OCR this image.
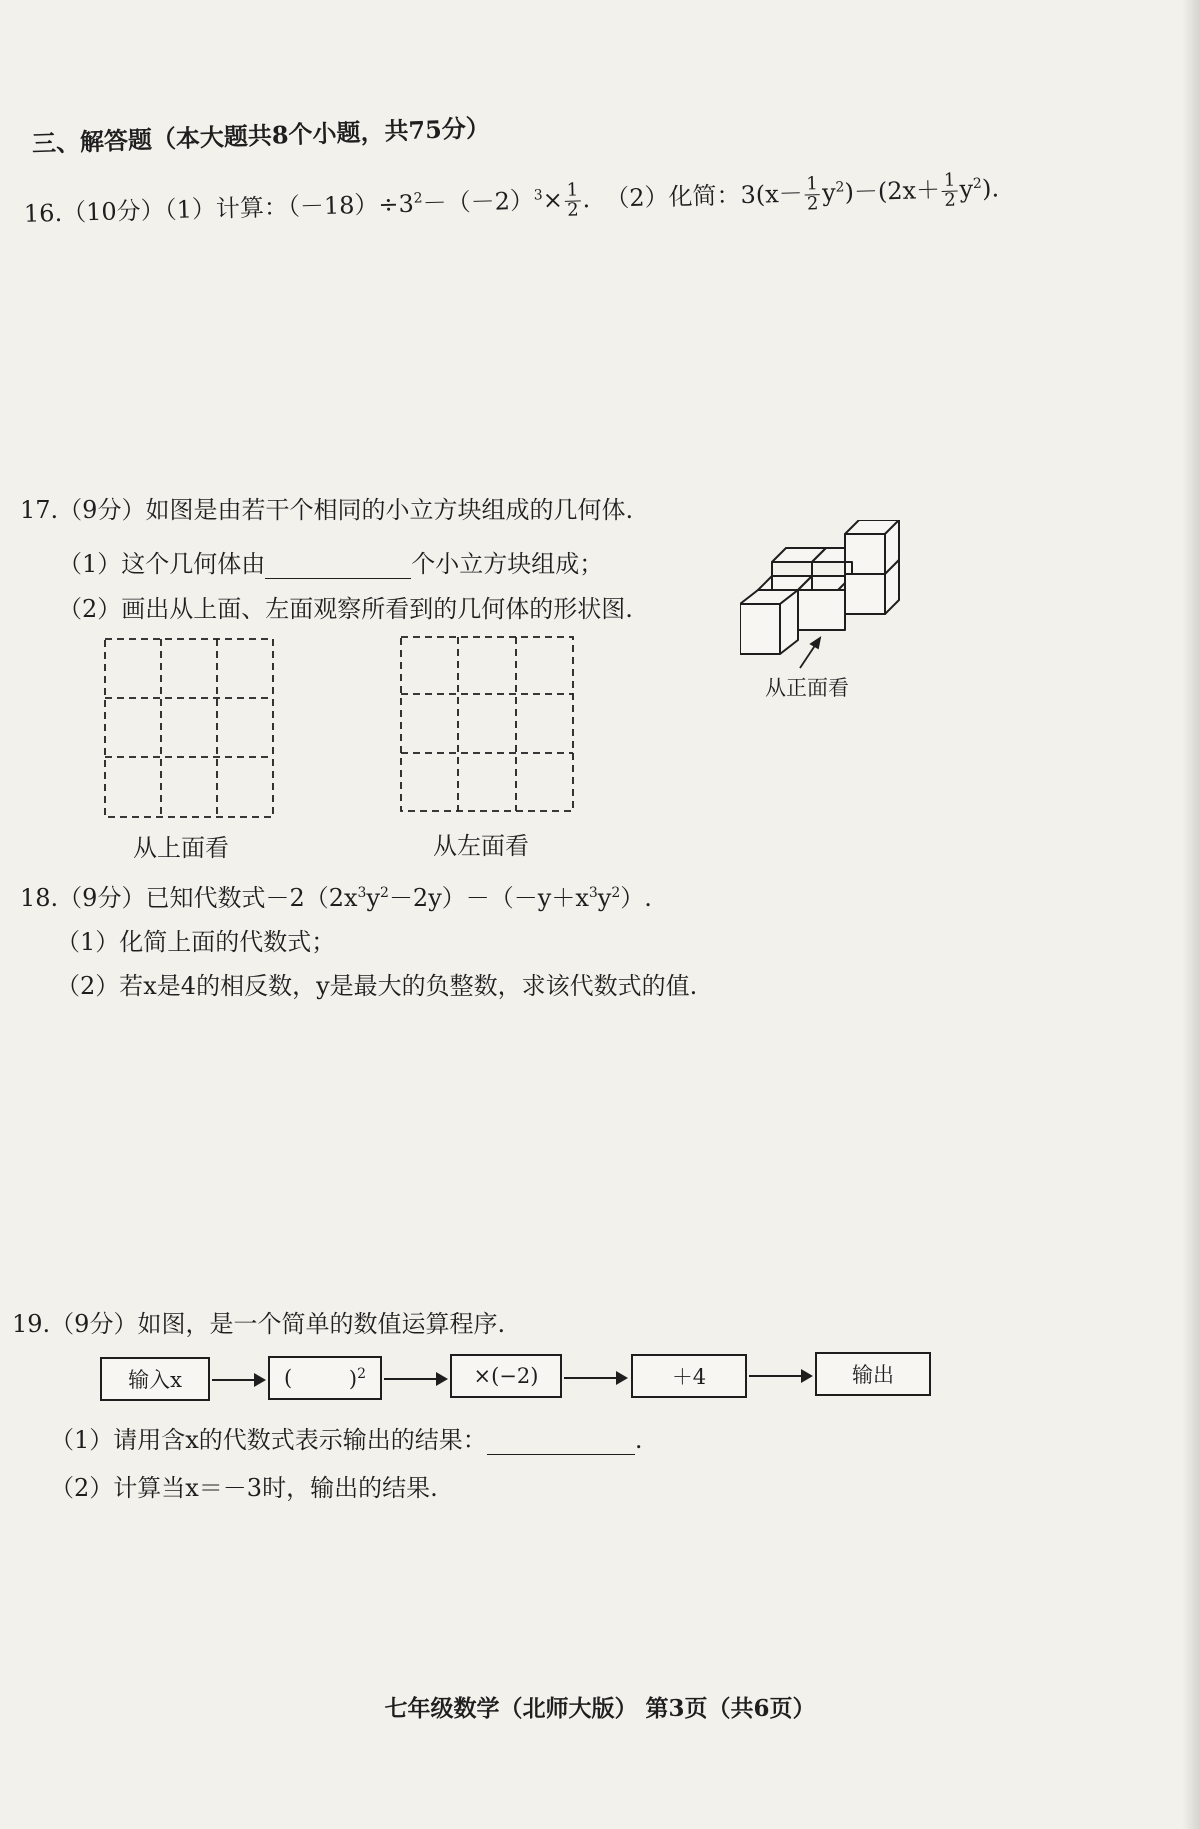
三、解答题（本大题共8个小题，共75分）
16.（10分）（1）计算：$(-18)\div 3^2-(-2)^3\times \frac{1}{2}$ . （2）化简：$3(x- \frac{1}{2} y^2)-(2x+ \frac{1}{2} y^2)$.
17.（9分）如图是由若干个相同的小立方块组成的几何体.
（1）这个几何体由	个小立方块组成；
（2）画出从上面、左面观察所看到的几何体的形状图.
从上面看	从左面看
从正面看
18.（9分）已知代数式$-2(2x^3y^2-2y)-(-y+x^3y^2)$.
（1）化简上面的代数式；
（2）若x是4的相反数，y是最大的负整数，求该代数式的值.
19.（9分）如图，是一个简单的数值运算程序.
输入x	(	)$^2$	×(−2)	＋4	输出
（1）请用含x的代数式表示输出的结果：	.
（2）计算当x＝－3时，输出的结果.
七年级数学（北师大版） 第3页（共6页）
